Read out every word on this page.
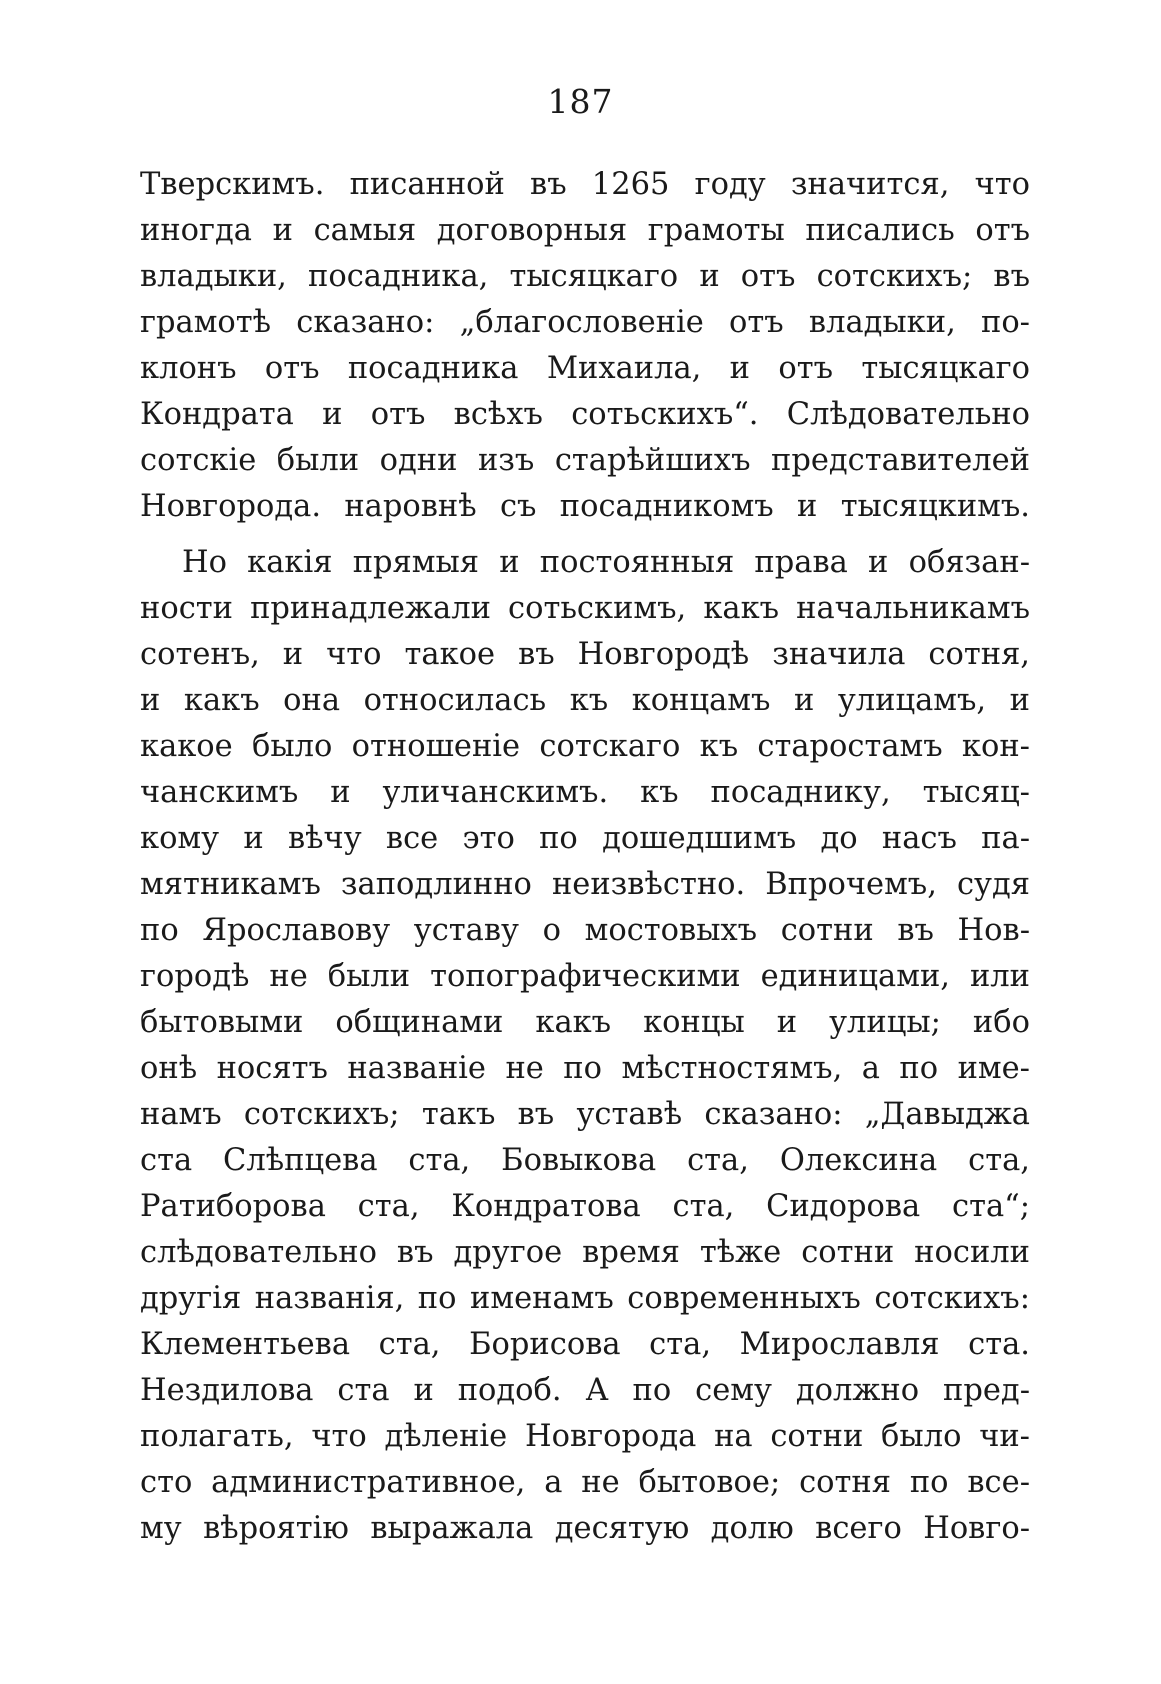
187

Тверскимъ. писанной въ 1265 году значится, что
иногда и самыя договорныя грамоты писались отъ
владыки, посадника, тысяцкаго и отъ сотскихъ; въ
грамотѣ сказано: „благословеніе отъ владыки, по-
клонъ отъ посадника Михаила, и отъ тысяцкаго
Кондрата и отъ всѣхъ сотьскихъ“. Слѣдовательно
сотскіе были одни изъ старѣйшихъ представителей
Новгорода. наровнѣ съ посадникомъ и тысяцкимъ.

Но какія прямыя и постоянныя права и обязан-
ности принадлежали сотьскимъ, какъ начальникамъ
сотенъ, и что такое въ Новгородѣ значила сотня,
и какъ она относилась къ концамъ и улицамъ, и
какое было отношеніе сотскаго къ старостамъ кон-
чанскимъ и уличанскимъ. къ посаднику, тысяц-
кому и вѣчу все это по дошедшимъ до насъ па-
мятникамъ заподлинно неизвѣстно. Впрочемъ, судя
по Ярославову уставу о мостовыхъ сотни въ Нов-
городѣ не были топографическими единицами, или
бытовыми общинами какъ концы и улицы; ибо
онѣ носятъ названіе не по мѣстностямъ, а по име-
намъ сотскихъ; такъ въ уставѣ сказано: „Давыджа
ста Слѣпцева ста, Бовыкова ста, Олексина ста,
Ратиборова ста, Кондратова ста, Сидорова ста“;
слѣдовательно въ другое время тѣже сотни носили
другія названія, по именамъ современныхъ сотскихъ:
Клементьева ста, Борисова ста, Мирославля ста.
Нездилова ста и подоб. А по сему должно пред-
полагать, что дѣленіе Новгорода на сотни было чи-
сто административное, а не бытовое; сотня по все-
му вѣроятію выражала десятую долю всего Новго-
